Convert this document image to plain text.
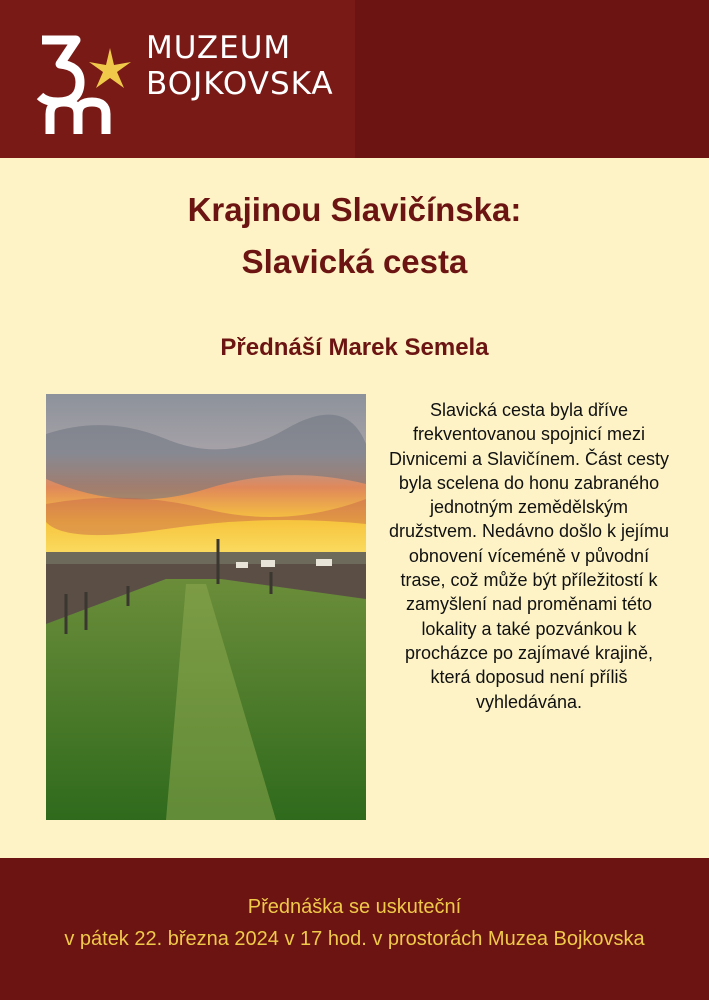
MUZEUM
BOJKOVSKA
Krajinou Slavičínska:
Slavická cesta
Přednáší Marek Semela
Slavická cesta byla dříve frekventovanou spojnicí mezi Divnicemi a Slavičínem. Část cesty byla scelena do honu zabraného jednotným zemědělským družstvem. Nedávno došlo k jejímu obnovení víceméně v původní trase, což může být příležitostí k zamyšlení nad proměnami této lokality a také pozvánkou k procházce po zajímavé krajině, která doposud není příliš vyhledávána.
Přednáška se uskuteční
v pátek 22. března 2024 v 17 hod. v prostorách Muzea Bojkovska
